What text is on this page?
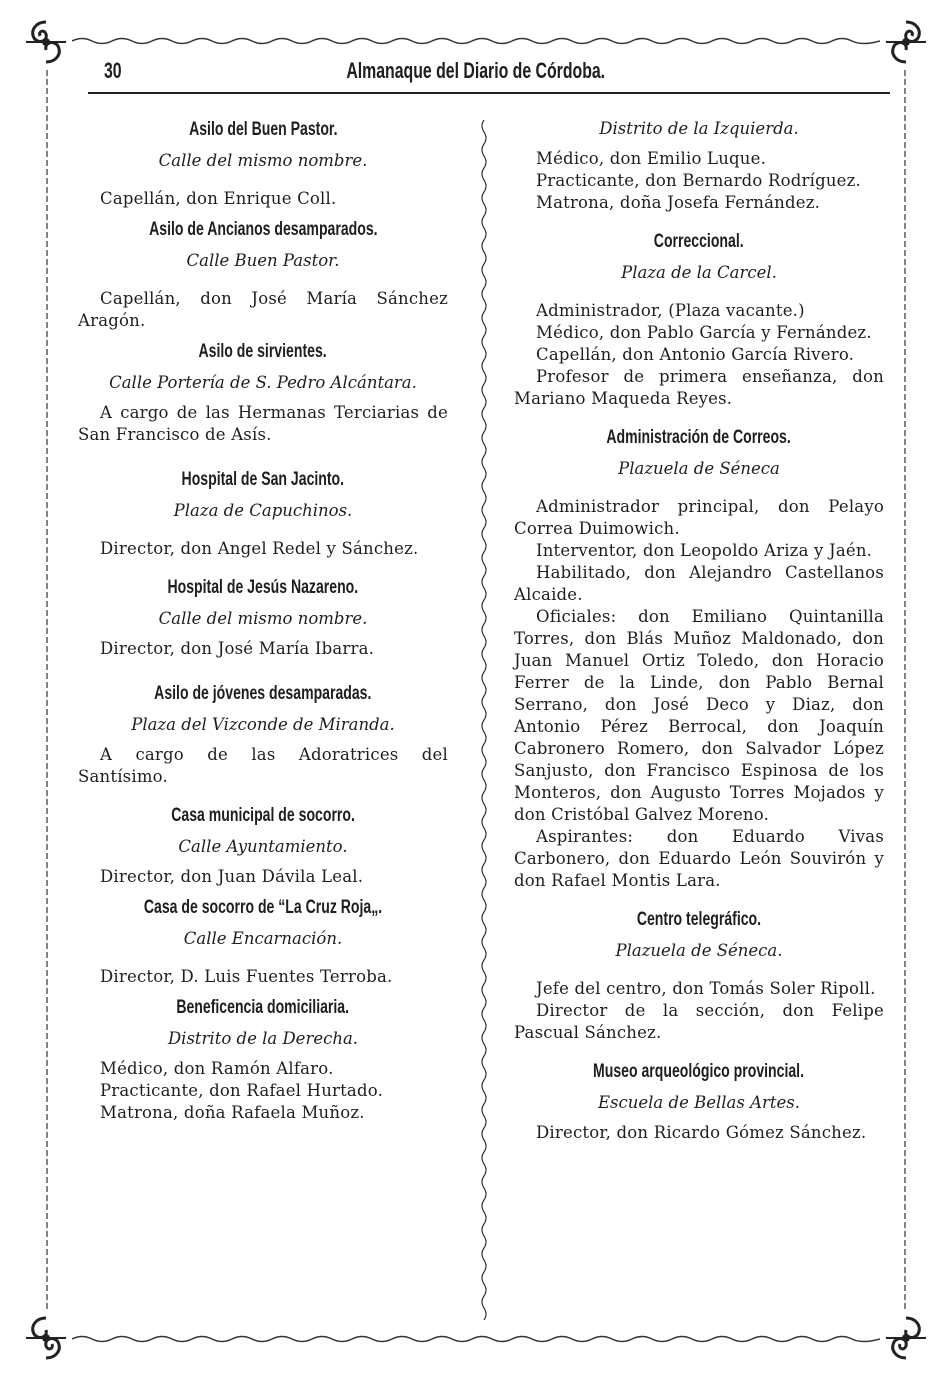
30	Almanaque del Diario de Córdoba.
Asilo del Buen Pastor.
Calle del mismo nombre.

Capellán, don Enrique Coll.

Asilo de Ancianos desamparados.
Calle Buen Pastor.

Capellán, don José María Sánchez Aragón.

Asilo de sirvientes.
Calle Portería de S. Pedro Alcántara.

A cargo de las Hermanas Terciarias de San Francisco de Asís.

Hospital de San Jacinto.
Plaza de Capuchinos.

Director, don Angel Redel y Sánchez.

Hospital de Jesús Nazareno.
Calle del mismo nombre.

Director, don José María Ibarra.

Asilo de jóvenes desamparadas.
Plaza del Vizconde de Miranda.

A cargo de las Adoratrices del Santísimo.

Casa municipal de socorro.
Calle Ayuntamiento.

Director, don Juan Dávila Leal.

Casa de socorro de “La Cruz Roja„.
Calle Encarnación.

Director, D. Luis Fuentes Terroba.

Beneficencia domiciliaria.
Distrito de la Derecha.

Médico, don Ramón Alfaro.

Practicante, don Rafael Hurtado.

Matrona, doña Rafaela Muñoz.

Distrito de la Izquierda.

Médico, don Emilio Luque.

Practicante, don Bernardo Rodríguez.

Matrona, doña Josefa Fernández.

Correccional.
Plaza de la Carcel.

Administrador, (Plaza vacante.)

Médico, don Pablo García y Fernández.

Capellán, don Antonio García Rivero.

Profesor de primera enseñanza, don Mariano Maqueda Reyes.

Administración de Correos.
Plazuela de Séneca

Administrador principal, don Pelayo Correa Duimowich.

Interventor, don Leopoldo Ariza y Jaén.

Habilitado, don Alejandro Castellanos Alcaide.

Oficiales: don Emiliano Quintanilla Torres, don Blás Muñoz Maldonado, don Juan Manuel Ortiz Toledo, don Horacio Ferrer de la Linde, don Pablo Bernal Serrano, don José Deco y Diaz, don Antonio Pérez Berrocal, don Joaquín Cabronero Romero, don Salvador López Sanjusto, don Francisco Espinosa de los Monteros, don Augusto Torres Mojados y don Cristóbal Galvez Moreno.

Aspirantes: don Eduardo Vivas Carbonero, don Eduardo León Souvirón y don Rafael Montis Lara.

Centro telegráfico.
Plazuela de Séneca.

Jefe del centro, don Tomás Soler Ripoll.

Director de la sección, don Felipe Pascual Sánchez.

Museo arqueológico provincial.
Escuela de Bellas Artes.

Director, don Ricardo Gómez Sánchez.
